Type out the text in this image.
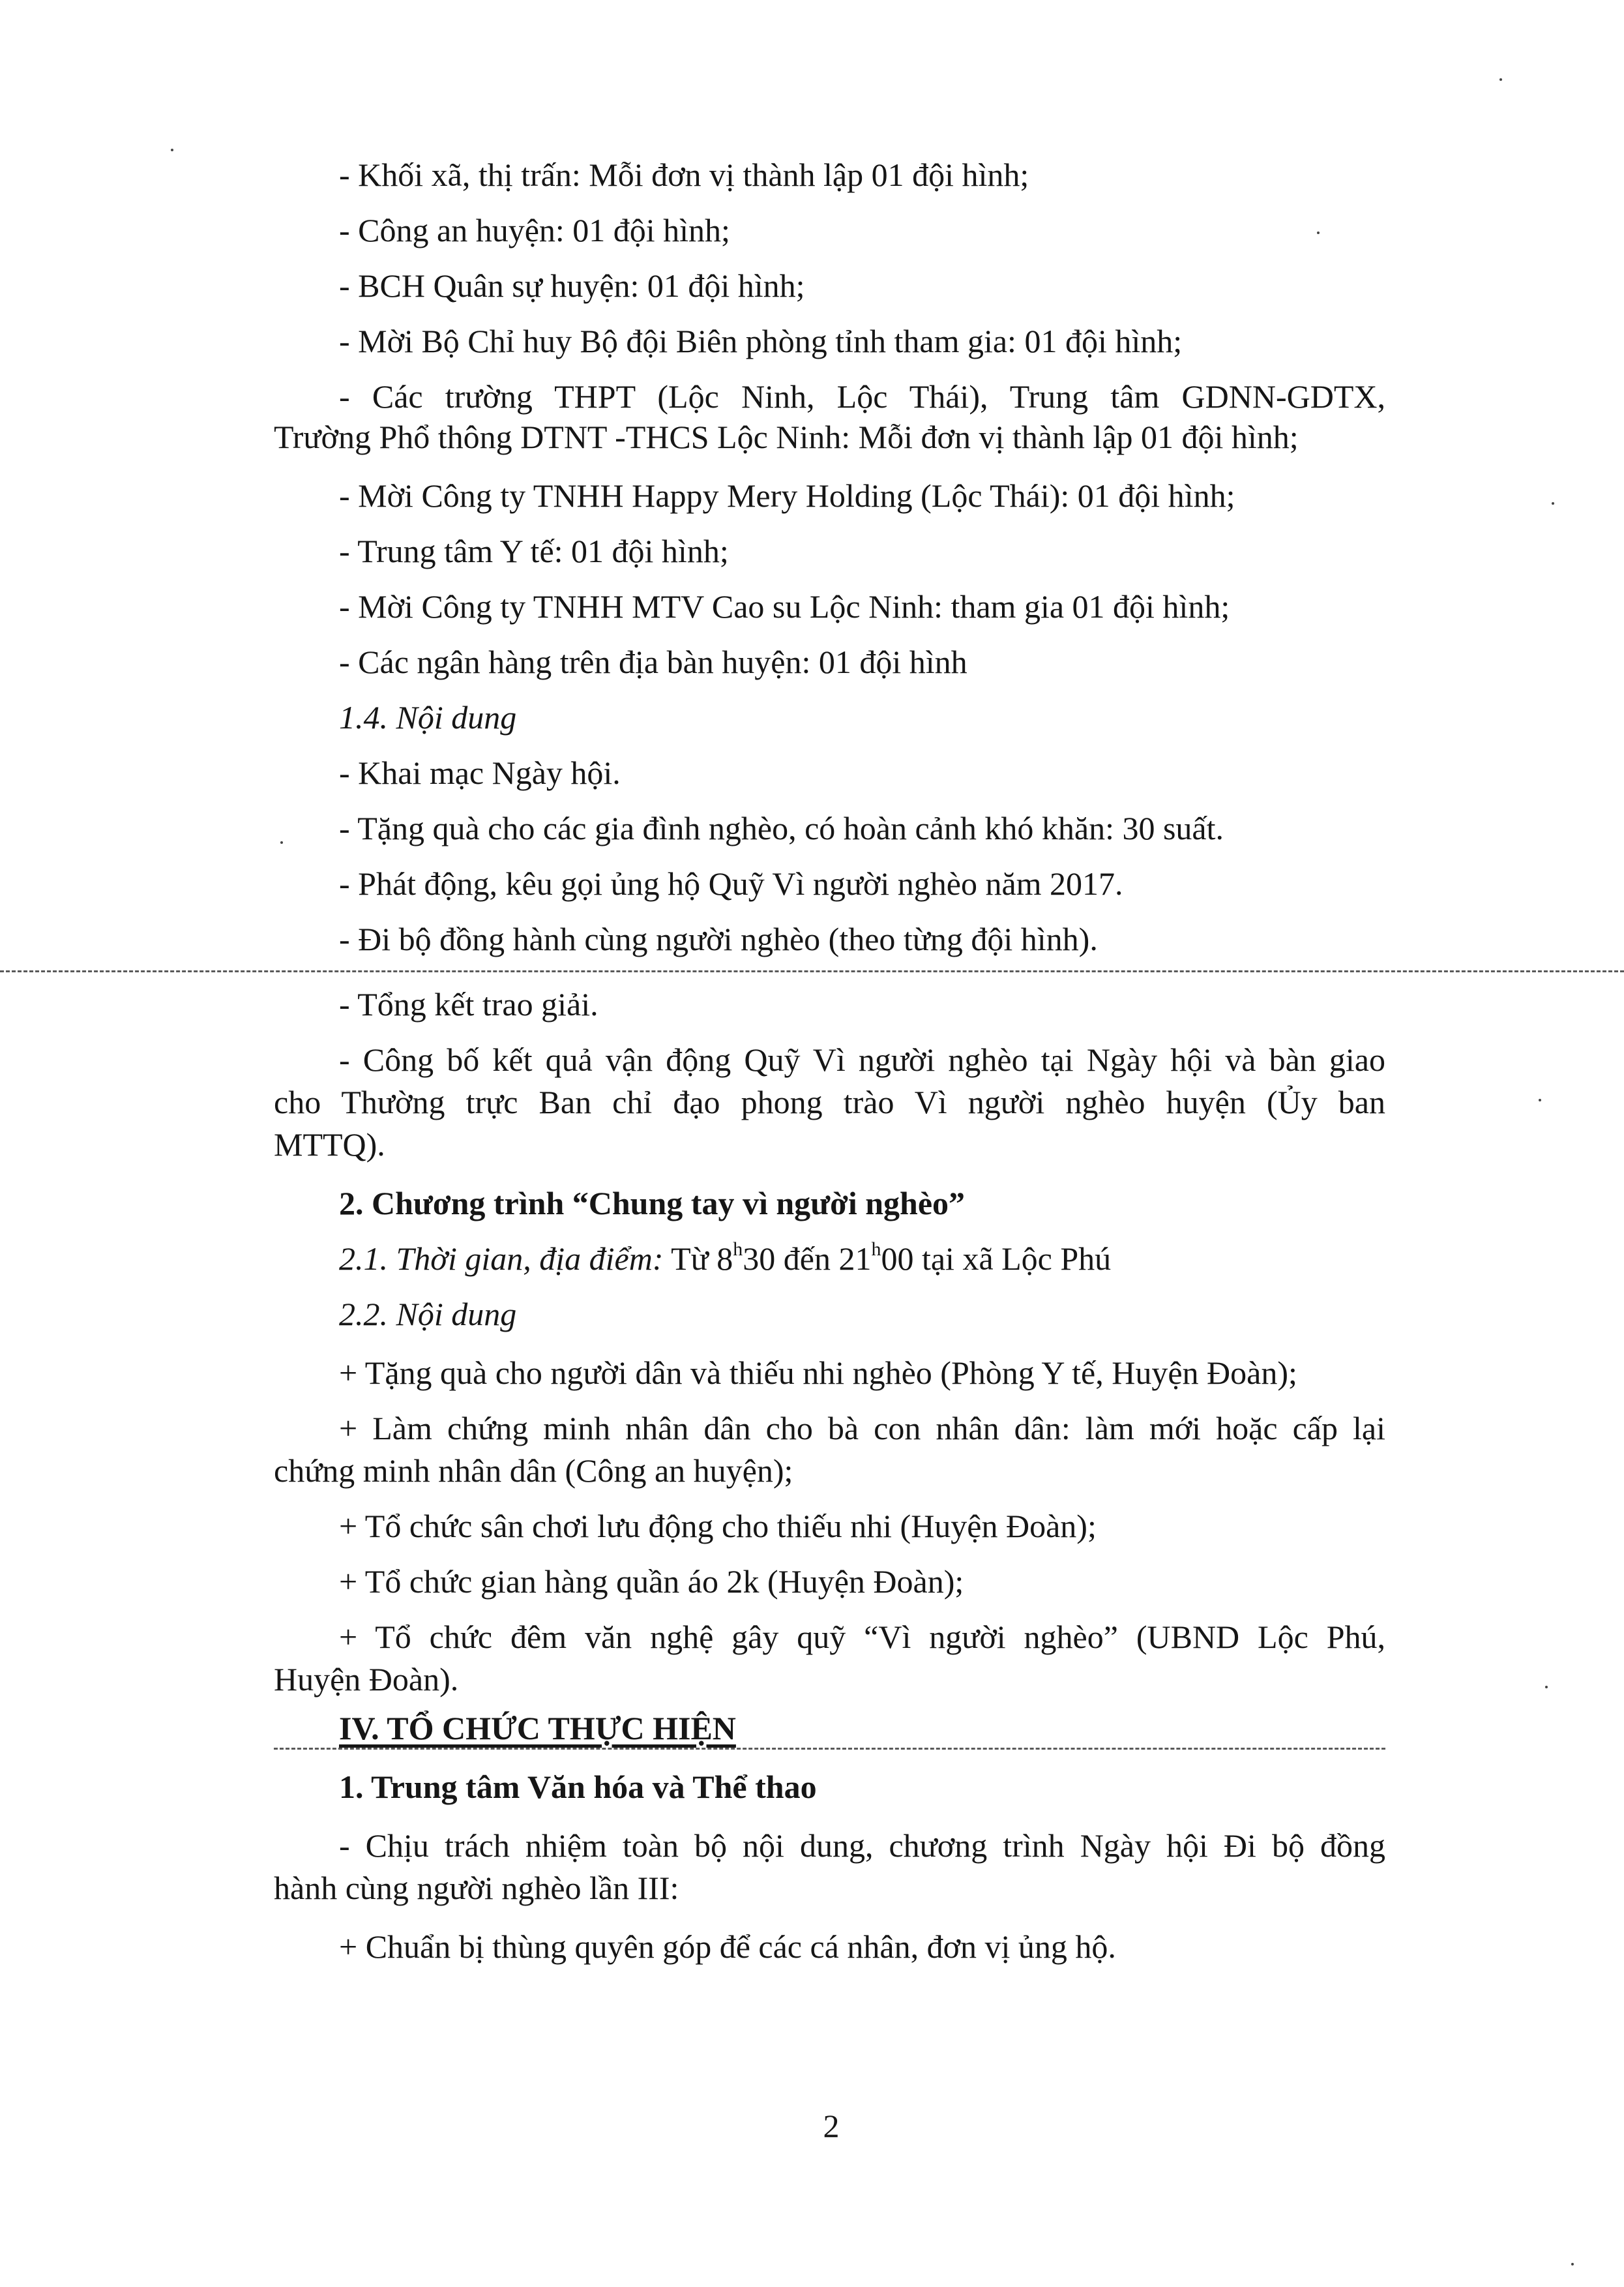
- Khối xã, thị trấn: Mỗi đơn vị thành lập 01 đội hình;

- Công an huyện: 01 đội hình;

- BCH Quân sự huyện: 01 đội hình;

- Mời Bộ Chỉ huy Bộ đội Biên phòng tỉnh tham gia: 01 đội hình;

- Các trường THPT (Lộc Ninh, Lộc Thái), Trung tâm GDNN-GDTX,

Trường Phổ thông DTNT -THCS Lộc Ninh: Mỗi đơn vị thành lập 01 đội hình;

- Mời Công ty TNHH Happy Mery Holding (Lộc Thái): 01 đội hình;

- Trung tâm Y tế: 01 đội hình;

- Mời Công ty TNHH MTV Cao su Lộc Ninh: tham gia 01 đội hình;

- Các ngân hàng trên địa bàn huyện: 01 đội hình

1.4. Nội dung

- Khai mạc Ngày hội.

- Tặng quà cho các gia đình nghèo, có hoàn cảnh khó khăn: 30 suất.

- Phát động, kêu gọi ủng hộ Quỹ Vì người nghèo năm 2017.

- Đi bộ đồng hành cùng người nghèo (theo từng đội hình).

- Tổng kết trao giải.

- Công bố kết quả vận động Quỹ Vì người nghèo tại Ngày hội và bàn giao

cho Thường trực Ban chỉ đạo phong trào Vì người nghèo huyện (Ủy ban

MTTQ).

2. Chương trình “Chung tay vì người nghèo”

2.1. Thời gian, địa điểm: Từ 8$^h$30 đến 21$^h$00 tại xã Lộc Phú

2.2. Nội dung

+ Tặng quà cho người dân và thiếu nhi nghèo (Phòng Y tế, Huyện Đoàn);

+ Làm chứng minh nhân dân cho bà con nhân dân: làm mới hoặc cấp lại

chứng minh nhân dân (Công an huyện);

+ Tổ chức sân chơi lưu động cho thiếu nhi (Huyện Đoàn);

+ Tổ chức gian hàng quần áo 2k (Huyện Đoàn);

+ Tổ chức đêm văn nghệ gây quỹ “Vì người nghèo” (UBND Lộc Phú,

Huyện Đoàn).

IV. TỔ CHỨC THỰC HIỆN

1. Trung tâm Văn hóa và Thể thao

- Chịu trách nhiệm toàn bộ nội dung, chương trình Ngày hội Đi bộ đồng

hành cùng người nghèo lần III:

+ Chuẩn bị thùng quyên góp để các cá nhân, đơn vị ủng hộ.

2
